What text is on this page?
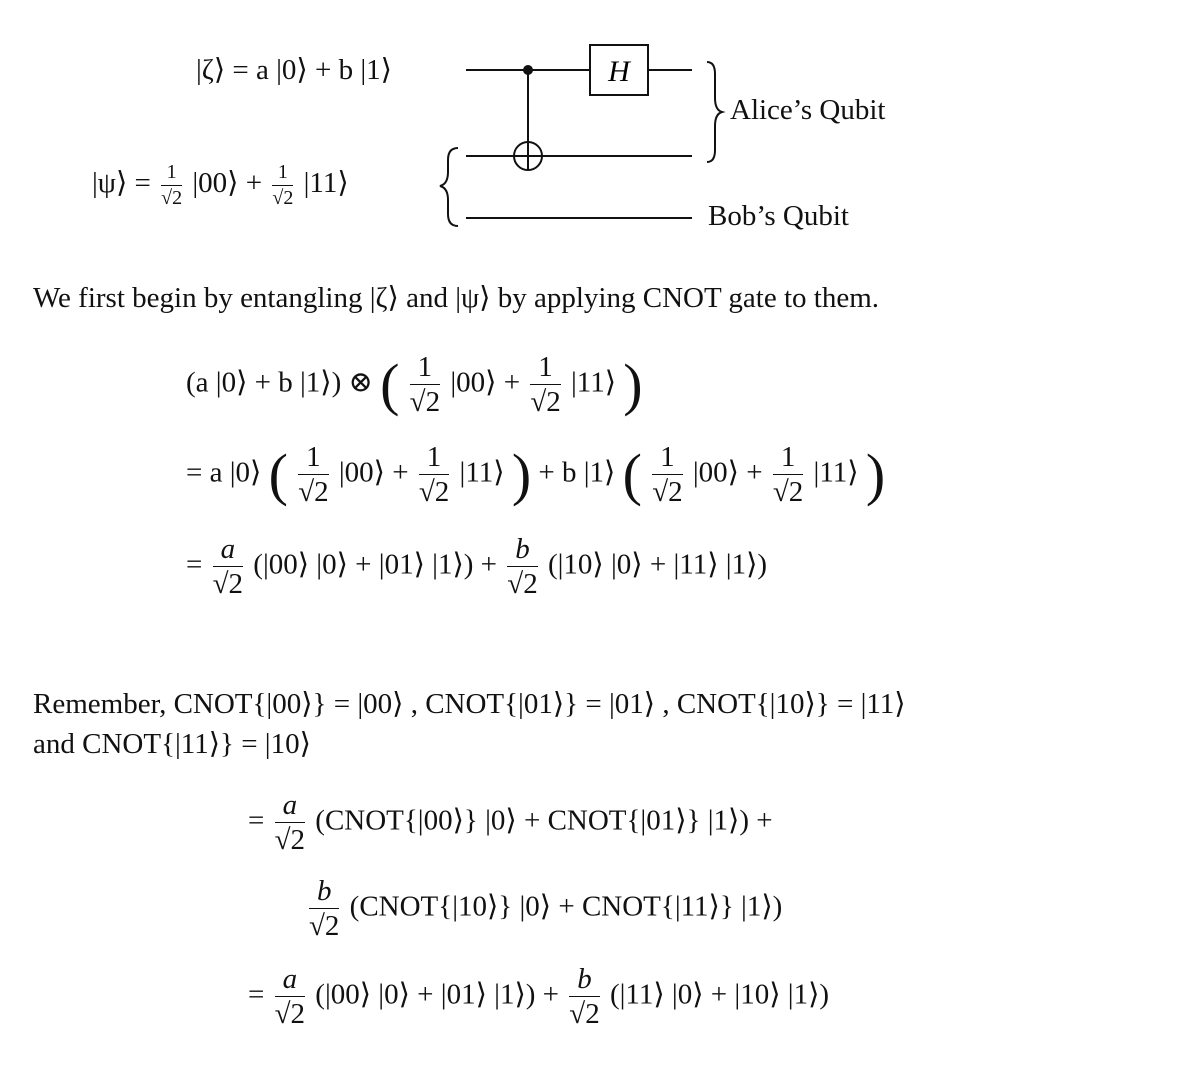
|ζ⟩ = a |0⟩ + b |1⟩
|ψ⟩ = $\frac{1}{√2}$ |00⟩ + $\frac{1}{√2}$ |11⟩
H
Alice’s Qubit
Bob’s Qubit
We first begin by entangling |ζ⟩ and |ψ⟩ by applying CNOT gate to them.
(a |0⟩ + b |1⟩) ⊗ ( $\frac{1}{√2}$ |00⟩ + $\frac{1}{√2}$ |11⟩ )
= a |0⟩ ( $\frac{1}{√2}$ |00⟩ + $\frac{1}{√2}$ |11⟩ ) + b |1⟩ ( $\frac{1}{√2}$ |00⟩ + $\frac{1}{√2}$ |11⟩ )
= $\frac{a}{√2}$ (|00⟩ |0⟩ + |01⟩ |1⟩) + $\frac{b}{√2}$ (|10⟩ |0⟩ + |11⟩ |1⟩)
Remember, CNOT{|00⟩} = |00⟩ , CNOT{|01⟩} = |01⟩ , CNOT{|10⟩} = |11⟩
and CNOT{|11⟩} = |10⟩
= $\frac{a}{√2}$ (CNOT{|00⟩} |0⟩ + CNOT{|01⟩} |1⟩) +
$\frac{b}{√2}$ (CNOT{|10⟩} |0⟩ + CNOT{|11⟩} |1⟩)
= $\frac{a}{√2}$ (|00⟩ |0⟩ + |01⟩ |1⟩) + $\frac{b}{√2}$ (|11⟩ |0⟩ + |10⟩ |1⟩)
